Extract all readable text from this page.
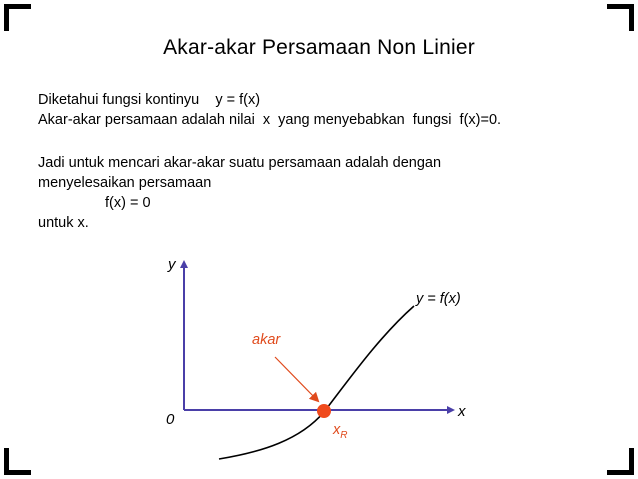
Akar-akar Persamaan Non Linier
Diketahui fungsi kontinyu    y = f(x)
Akar-akar persamaan adalah nilai  x  yang menyebabkan  fungsi  f(x)=0.
Jadi untuk mencari akar-akar suatu persamaan adalah dengan
menyelesaikan persamaan
f(x) = 0
untuk x.
y
x
0
y = f(x)
akar
$x_R$
